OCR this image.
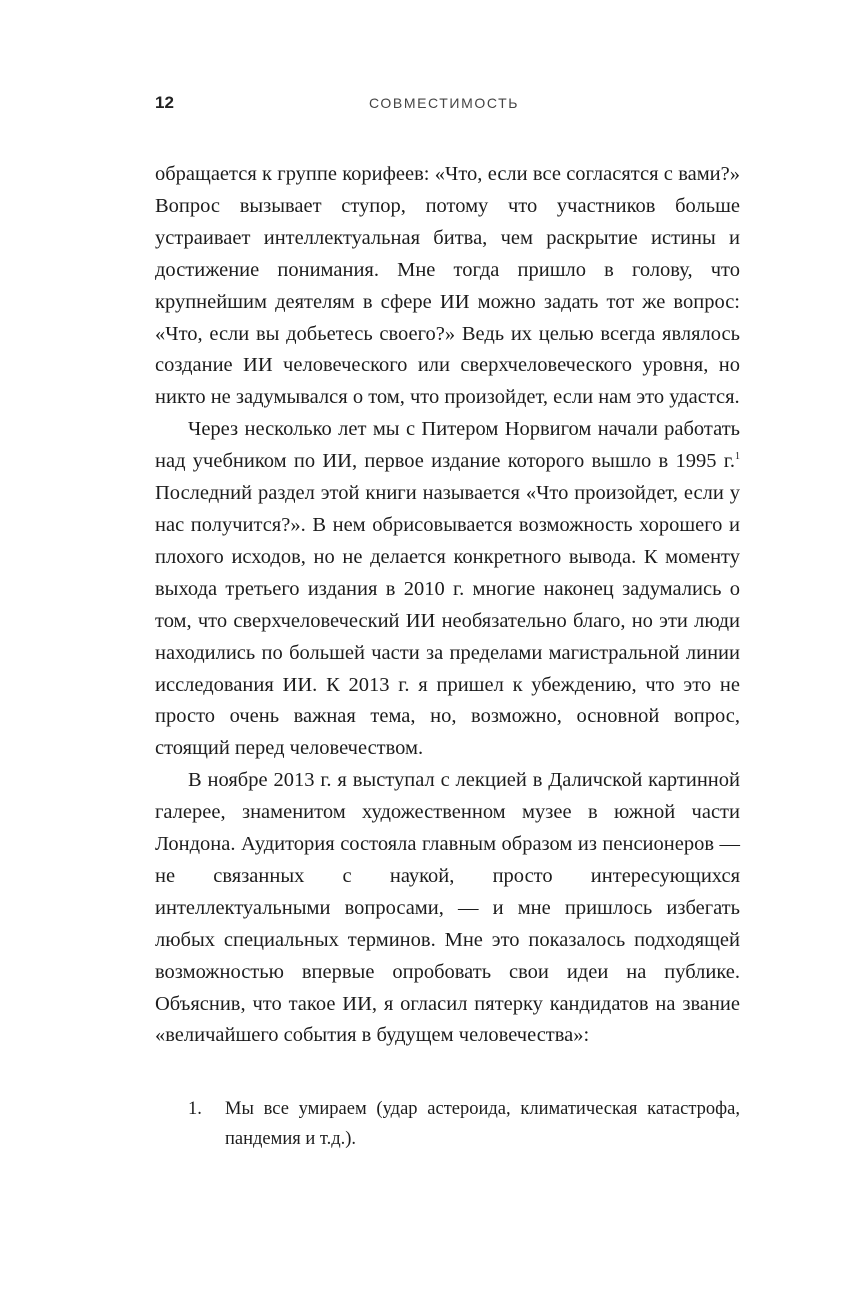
12	СОВМЕСТИМОСТЬ

обращается к группе корифеев: «Что, если все согласятся с вами?» Вопрос вызывает ступор, потому что участников больше устраивает интеллектуальная битва, чем раскрытие истины и достижение понимания. Мне тогда пришло в голову, что крупнейшим деятелям в сфере ИИ можно задать тот же вопрос: «Что, если вы добьетесь своего?» Ведь их целью всегда являлось создание ИИ человеческого или сверхчеловеческого уровня, но никто не задумывался о том, что произойдет, если нам это удастся.

Через несколько лет мы с Питером Норвигом начали работать над учебником по ИИ, первое издание которого вышло в 1995 г.$^1$ Последний раздел этой книги называется «Что произойдет, если у нас получится?». В нем обрисовывается возможность хорошего и плохого исходов, но не делается конкретного вывода. К моменту выхода третьего издания в 2010 г. многие наконец задумались о том, что сверхчеловеческий ИИ необязательно благо, но эти люди находились по большей части за пределами магистральной линии исследования ИИ. К 2013 г. я пришел к убеждению, что это не просто очень важная тема, но, возможно, основной вопрос, стоящий перед человечеством.

В ноябре 2013 г. я выступал с лекцией в Даличской картинной галерее, знаменитом художественном музее в южной части Лондона. Аудитория состояла главным образом из пенсионеров — не связанных с наукой, просто интересующихся интеллектуальными вопросами, — и мне пришлось избегать любых специальных терминов. Мне это показалось подходящей возможностью впервые опробовать свои идеи на публике. Объяснив, что такое ИИ, я огласил пятерку кандидатов на звание «величайшего события в будущем человечества»:

1. Мы все умираем (удар астероида, климатическая катастрофа, пандемия и т.д.).
